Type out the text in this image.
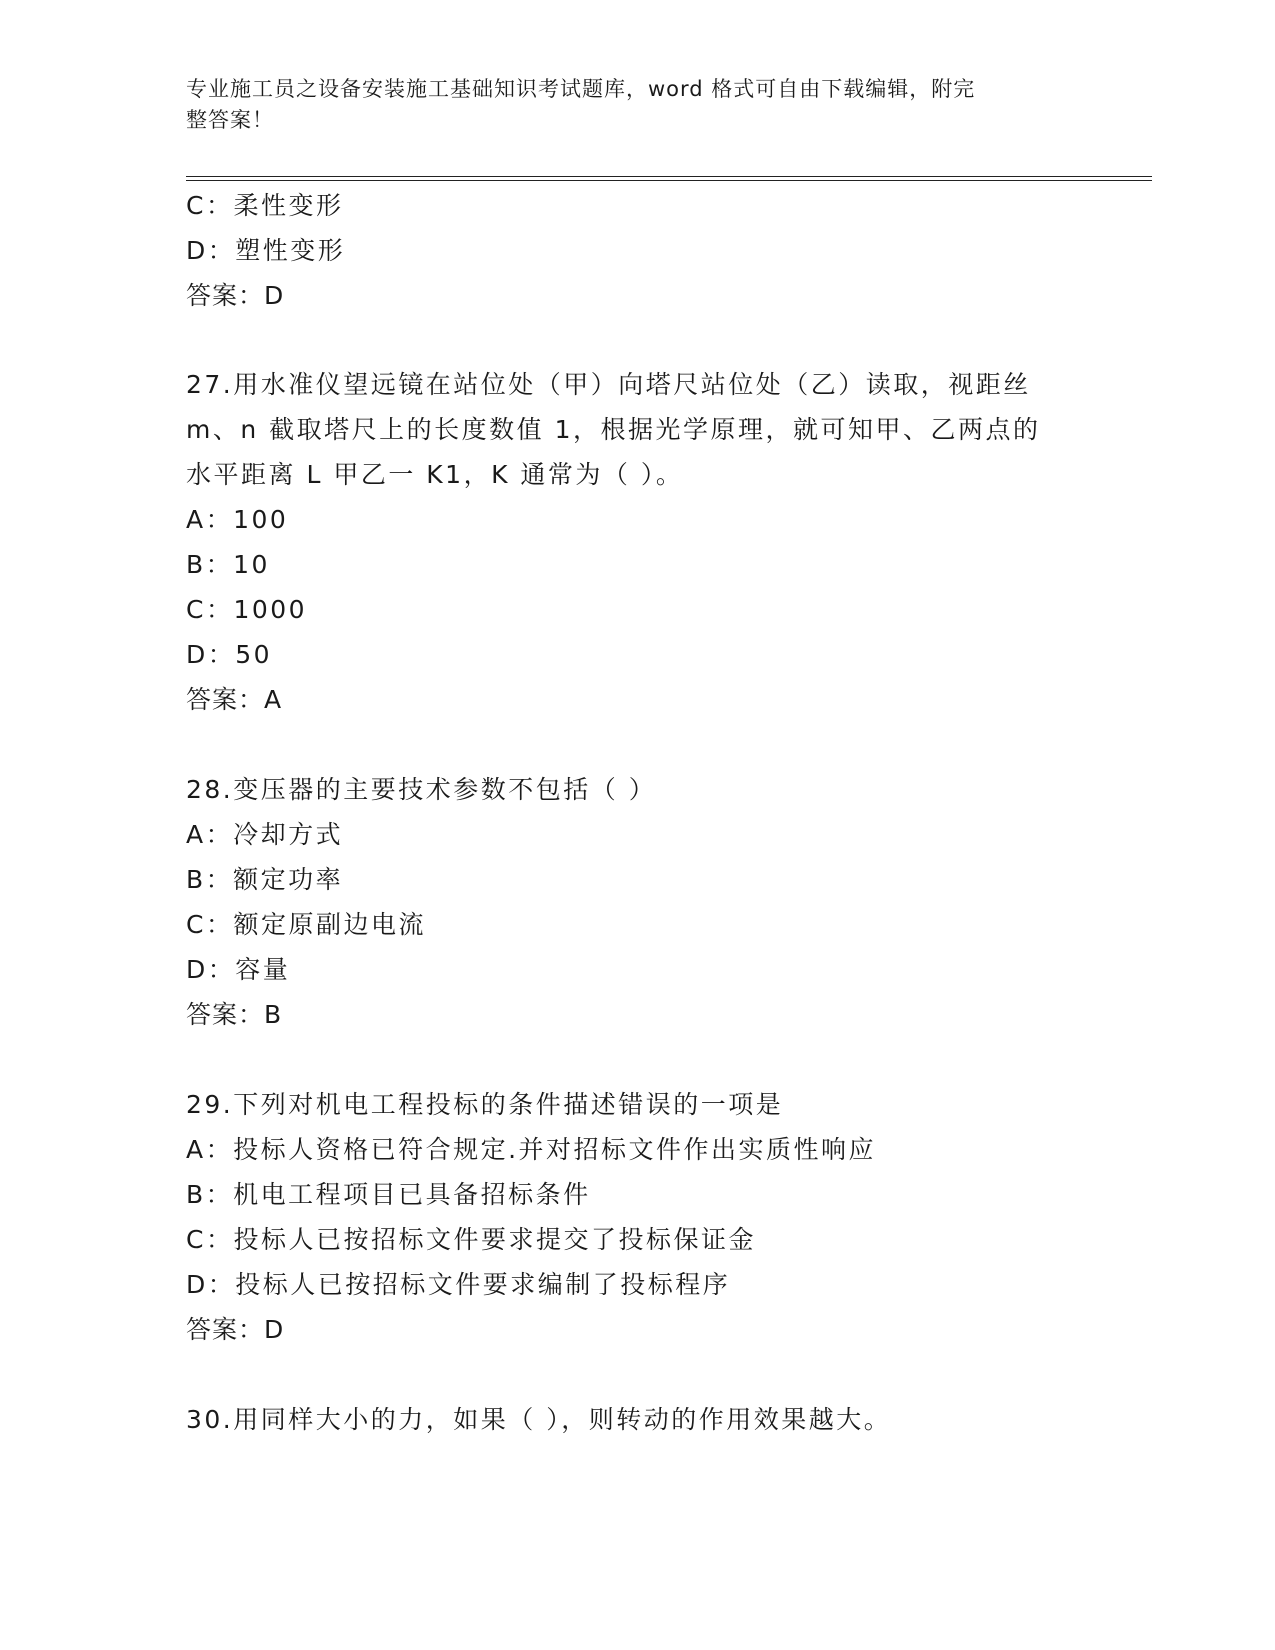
专业施工员之设备安装施工基础知识考试题库，word 格式可自由下载编辑，附完
整答案！
C：柔性变形
D：塑性变形
答案：D
27.用水准仪望远镜在站位处（甲）向塔尺站位处（乙）读取，视距丝
m、n 截取塔尺上的长度数值 1，根据光学原理，就可知甲、乙两点的
水平距离 L 甲乙一 K1，K 通常为（ ）。
A：100
B：10
C：1000
D：50
答案：A
28.变压器的主要技术参数不包括（ ）
A：冷却方式
B：额定功率
C：额定原副边电流
D：容量
答案：B
29.下列对机电工程投标的条件描述错误的一项是
A：投标人资格已符合规定.并对招标文件作出实质性响应
B：机电工程项目已具备招标条件
C：投标人已按招标文件要求提交了投标保证金
D：投标人已按招标文件要求编制了投标程序
答案：D
30.用同样大小的力，如果（ ），则转动的作用效果越大。
